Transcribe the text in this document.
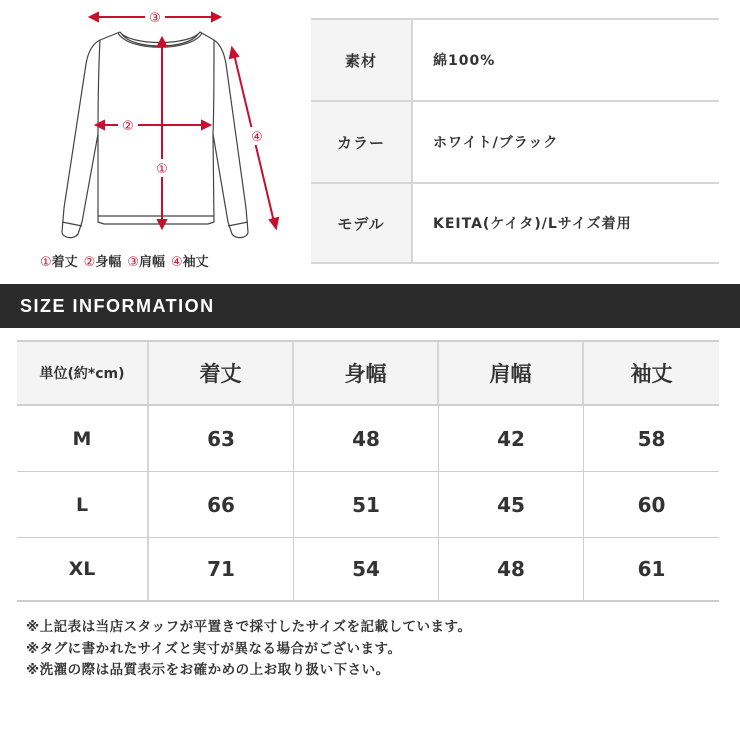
③
②
①
④
①着丈 ②身幅 ③肩幅 ④袖丈
素材	綿100%
カラー	ホワイト/ブラック
モデル	KEITA(ケイタ)/Lサイズ着用
SIZE INFORMATION
単位(約*cm)	着丈	身幅	肩幅	袖丈
M	63	48	42	58
L	66	51	45	60
XL	71	54	48	61
※上記表は当店スタッフが平置きで採寸したサイズを記載しています。
※タグに書かれたサイズと実寸が異なる場合がございます。
※洗濯の際は品質表示をお確かめの上お取り扱い下さい。
